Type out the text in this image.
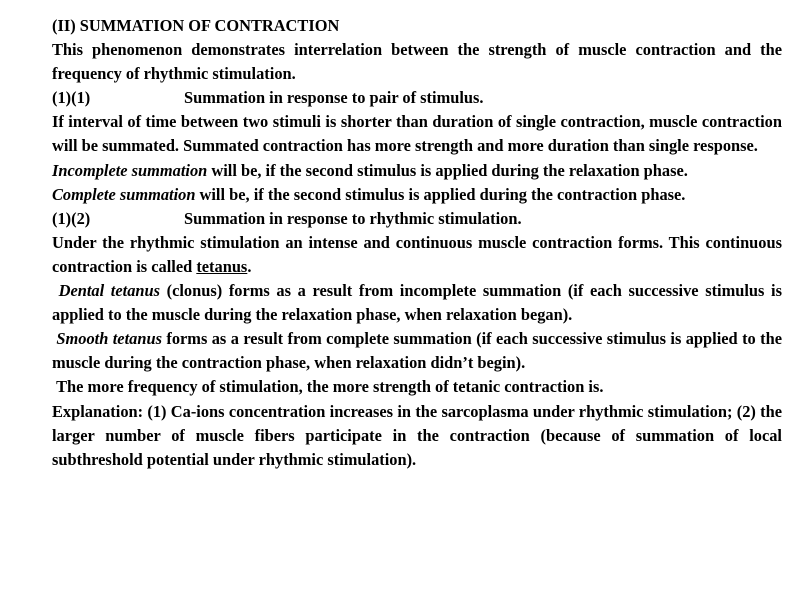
(II) SUMMATION OF CONTRACTION

This phenomenon demonstrates interrelation between the strength of muscle contraction and the frequency of rhythmic stimulation.

(1)(1)	Summation in response to pair of stimulus.

If interval of time between two stimuli is shorter than duration of single contraction, muscle contraction will be summated. Summated contraction has more strength and more duration than single response.

Incomplete summation will be, if the second stimulus is applied during the relaxation phase.

Complete summation will be, if the second stimulus is applied during the contraction phase.

(1)(2)	Summation in response to rhythmic stimulation.

Under the rhythmic stimulation an intense and continuous muscle contraction forms. This continuous contraction is called tetanus.

Dental tetanus (clonus) forms as a result from incomplete summation (if each successive stimulus is applied to the muscle during the relaxation phase, when relaxation began).

Smooth tetanus forms as a result from complete summation (if each successive stimulus is applied to the muscle during the contraction phase, when relaxation didn’t begin).

The more frequency of stimulation, the more strength of tetanic contraction is.

Explanation: (1) Ca-ions concentration increases in the sarcoplasma under rhythmic stimulation; (2) the larger number of muscle fibers participate in the contraction (because of summation of local subthreshold potential under rhythmic stimulation).
